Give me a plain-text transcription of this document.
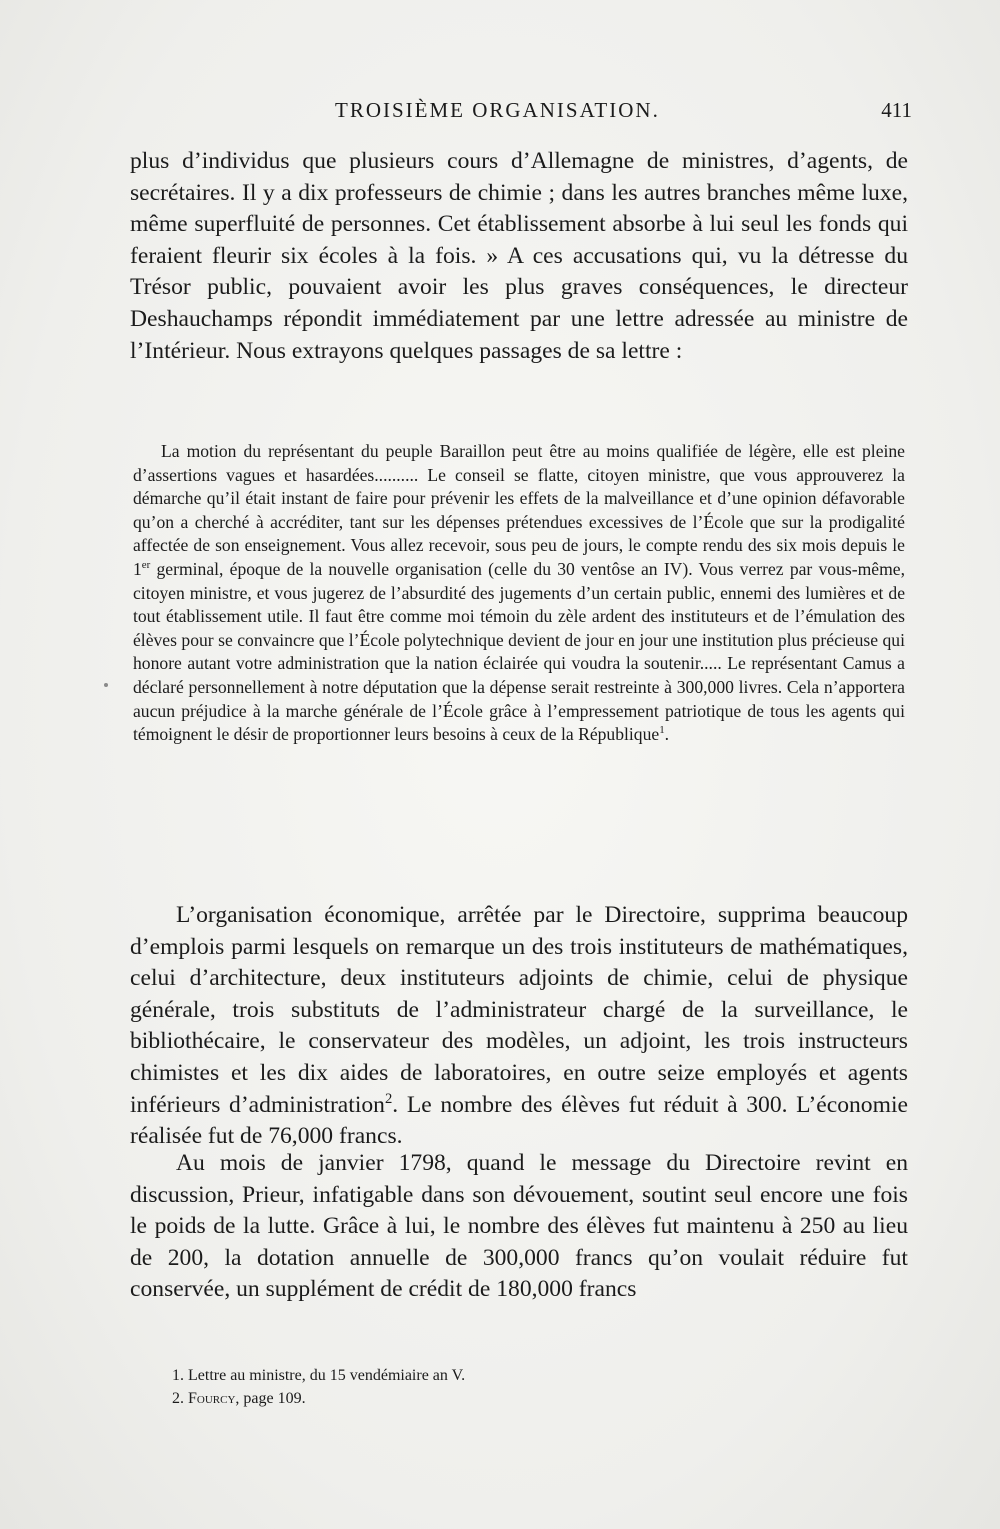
TROISIÈME ORGANISATION.	411

plus d’individus que plusieurs cours d’Allemagne de ministres, d’agents, de secrétaires. Il y a dix professeurs de chimie ; dans les autres branches même luxe, même superfluité de personnes. Cet établissement absorbe à lui seul les fonds qui feraient fleurir six écoles à la fois. » A ces accusations qui, vu la détresse du Trésor public, pouvaient avoir les plus graves conséquences, le directeur Deshauchamps répondit immédiatement par une lettre adressée au ministre de l’Intérieur. Nous extrayons quelques passages de sa lettre :

La motion du représentant du peuple Baraillon peut être au moins qualifiée de légère, elle est pleine d’assertions vagues et hasardées.......... Le conseil se flatte, citoyen ministre, que vous approuverez la démarche qu’il était instant de faire pour prévenir les effets de la malveillance et d’une opinion défavorable qu’on a cherché à accréditer, tant sur les dépenses prétendues excessives de l’École que sur la prodigalité affectée de son enseignement. Vous allez recevoir, sous peu de jours, le compte rendu des six mois depuis le 1er germinal, époque de la nouvelle organisation (celle du 30 ventôse an IV). Vous verrez par vous-même, citoyen ministre, et vous jugerez de l’absurdité des jugements d’un certain public, ennemi des lumières et de tout établissement utile. Il faut être comme moi témoin du zèle ardent des instituteurs et de l’émulation des élèves pour se convaincre que l’École polytechnique devient de jour en jour une institution plus précieuse qui honore autant votre administration que la nation éclairée qui voudra la soutenir..... Le représentant Camus a déclaré personnellement à notre députation que la dépense serait restreinte à 300,000 livres. Cela n’apportera aucun préjudice à la marche générale de l’École grâce à l’empressement patriotique de tous les agents qui témoignent le désir de proportionner leurs besoins à ceux de la République$^1$.

L’organisation économique, arrêtée par le Directoire, supprima beaucoup d’emplois parmi lesquels on remarque un des trois instituteurs de mathématiques, celui d’architecture, deux instituteurs adjoints de chimie, celui de physique générale, trois substituts de l’administrateur chargé de la surveillance, le bibliothécaire, le conservateur des modèles, un adjoint, les trois instructeurs chimistes et les dix aides de laboratoires, en outre seize employés et agents inférieurs d’administration$^2$. Le nombre des élèves fut réduit à 300. L’économie réalisée fut de 76,000 francs.

Au mois de janvier 1798, quand le message du Directoire revint en discussion, Prieur, infatigable dans son dévouement, soutint seul encore une fois le poids de la lutte. Grâce à lui, le nombre des élèves fut maintenu à 250 au lieu de 200, la dotation annuelle de 300,000 francs qu’on voulait réduire fut conservée, un supplément de crédit de 180,000 francs

1. Lettre au ministre, du 15 vendémiaire an V.

2. Fourcy, page 109.
